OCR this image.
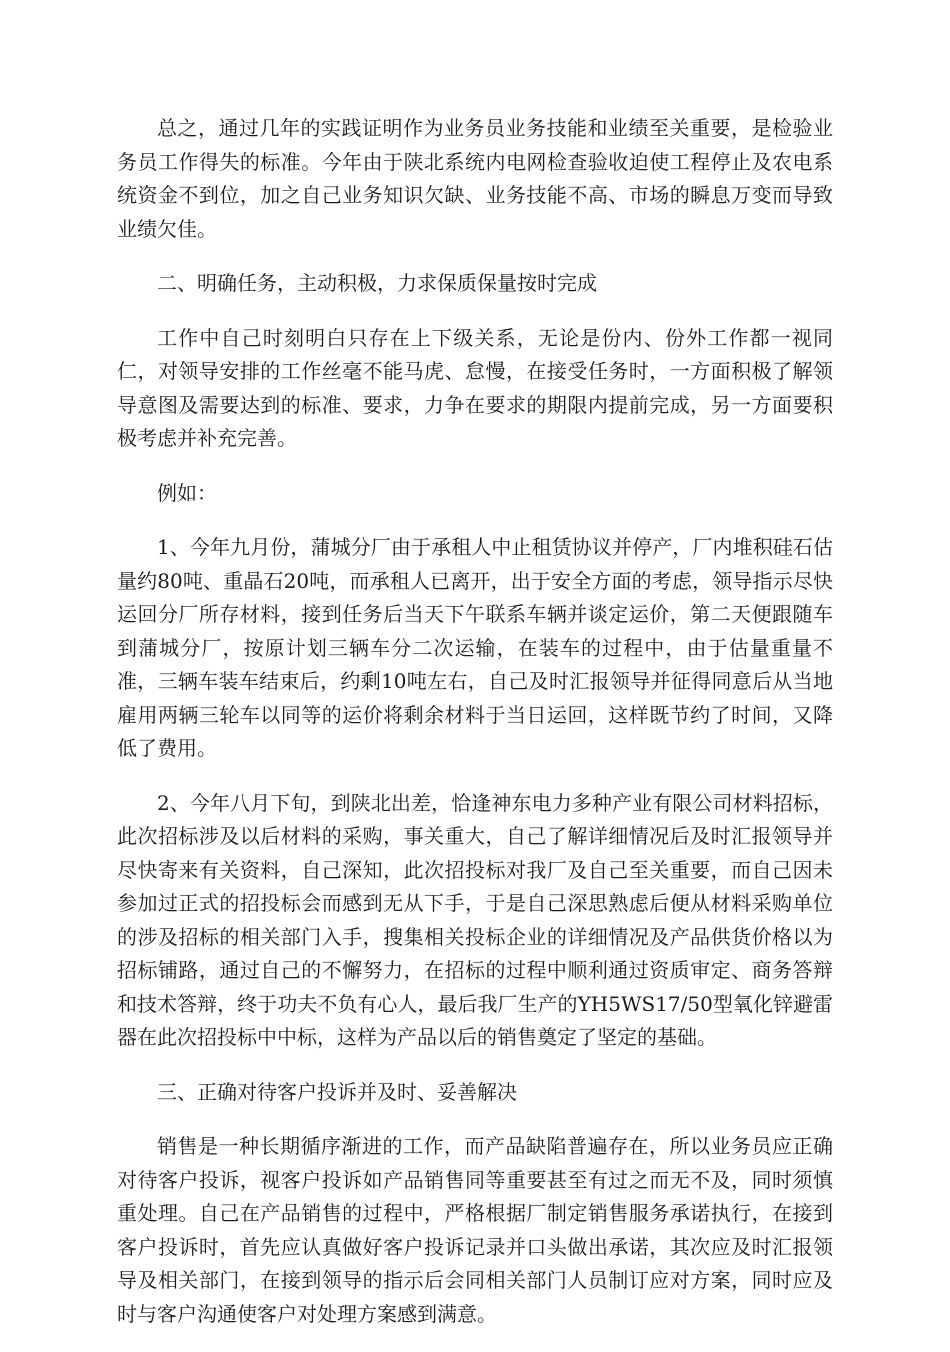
总之，通过几年的实践证明作为业务员业务技能和业绩至关重要，是检验业务员工作得失的标准。今年由于陕北系统内电网检查验收迫使工程停止及农电系统资金不到位，加之自己业务知识欠缺、业务技能不高、市场的瞬息万变而导致业绩欠佳。

二、明确任务，主动积极，力求保质保量按时完成

工作中自己时刻明白只存在上下级关系，无论是份内、份外工作都一视同仁，对领导安排的工作丝毫不能马虎、怠慢，在接受任务时，一方面积极了解领导意图及需要达到的标准、要求，力争在要求的期限内提前完成，另一方面要积极考虑并补充完善。

例如：

1、今年九月份，蒲城分厂由于承租人中止租赁协议并停产，厂内堆积硅石估量约80吨、重晶石20吨，而承租人已离开，出于安全方面的考虑，领导指示尽快运回分厂所存材料，接到任务后当天下午联系车辆并谈定运价，第二天便跟随车到蒲城分厂，按原计划三辆车分二次运输，在装车的过程中，由于估量重量不准，三辆车装车结束后，约剩10吨左右，自己及时汇报领导并征得同意后从当地雇用两辆三轮车以同等的运价将剩余材料于当日运回，这样既节约了时间，又降低了费用。

2、今年八月下旬，到陕北出差，恰逢神东电力多种产业有限公司材料招标，此次招标涉及以后材料的采购，事关重大，自己了解详细情况后及时汇报领导并尽快寄来有关资料，自己深知，此次招投标对我厂及自己至关重要，而自己因未参加过正式的招投标会而感到无从下手，于是自己深思熟虑后便从材料采购单位的涉及招标的相关部门入手，搜集相关投标企业的详细情况及产品供货价格以为招标铺路，通过自己的不懈努力，在招标的过程中顺利通过资质审定、商务答辩和技术答辩，终于功夫不负有心人，最后我厂生产的YH5WS17/50型氧化锌避雷器在此次招投标中中标，这样为产品以后的销售奠定了坚定的基础。

三、正确对待客户投诉并及时、妥善解决

销售是一种长期循序渐进的工作，而产品缺陷普遍存在，所以业务员应正确对待客户投诉，视客户投诉如产品销售同等重要甚至有过之而无不及，同时须慎重处理。自己在产品销售的过程中，严格根据厂制定销售服务承诺执行，在接到客户投诉时，首先应认真做好客户投诉记录并口头做出承诺，其次应及时汇报领导及相关部门，在接到领导的指示后会同相关部门人员制订应对方案，同时应及时与客户沟通使客户对处理方案感到满意。
